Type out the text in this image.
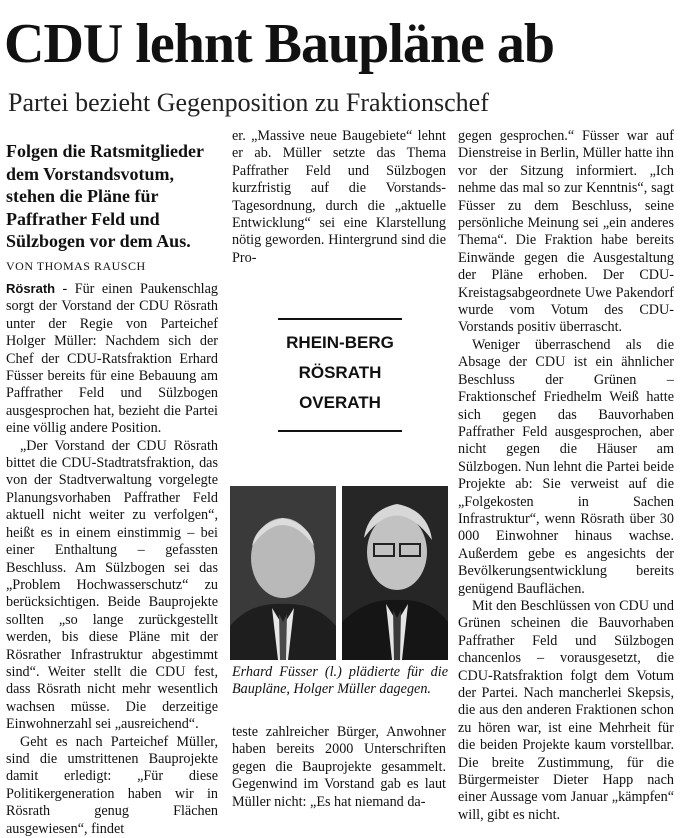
CDU lehnt Baupläne ab
Partei bezieht Gegenposition zu Fraktionschef
Folgen die Ratsmitglieder dem Vorstandsvotum, stehen die Pläne für Paffrather Feld und Sülzbogen vor dem Aus.
VON THOMAS RAUSCH

Rösrath - Für einen Paukenschlag sorgt der Vorstand der CDU Rösrath unter der Regie von Parteichef Holger Müller: Nachdem sich der Chef der CDU-Ratsfraktion Erhard Füsser bereits für eine Bebauung am Paffrather Feld und Sülzbogen ausgesprochen hat, bezieht die Partei eine völlig andere Position.

„Der Vorstand der CDU Rösrath bittet die CDU-Stadtratsfraktion, das von der Stadtverwaltung vorgelegte Planungsvorhaben Paffrather Feld aktuell nicht weiter zu verfolgen“, heißt es in einem einstimmig – bei einer Enthaltung – gefassten Beschluss. Am Sülzbogen sei das „Problem Hochwasserschutz“ zu berücksichtigen. Beide Bauprojekte sollten „so lange zurückgestellt werden, bis diese Pläne mit der Rösrather Infrastruktur abgestimmt sind“. Weiter stellt die CDU fest, dass Rösrath nicht mehr wesentlich wachsen müsse. Die derzeitige Einwohnerzahl sei „ausreichend“.

Geht es nach Parteichef Müller, sind die umstrittenen Bauprojekte damit erledigt: „Für diese Politikergeneration haben wir in Rösrath genug Flächen ausgewiesen“, findet

er. „Massive neue Baugebiete“ lehnt er ab. Müller setzte das Thema Paffrather Feld und Sülzbogen kurzfristig auf die Vorstands-Tagesordnung, durch die „aktuelle Entwicklung“ sei eine Klarstellung nötig geworden. Hintergrund sind die Pro-

RHEIN-BERG
RÖSRATH
OVERATH
Erhard Füsser (l.) plädierte für die Baupläne, Holger Müller dagegen.

teste zahlreicher Bürger, Anwohner haben bereits 2000 Unterschriften gegen die Bauprojekte gesammelt. Gegenwind im Vorstand gab es laut Müller nicht: „Es hat niemand da-

gegen gesprochen.“ Füsser war auf Dienstreise in Berlin, Müller hatte ihn vor der Sitzung informiert. „Ich nehme das mal so zur Kenntnis“, sagt Füsser zu dem Beschluss, seine persönliche Meinung sei „ein anderes Thema“. Die Fraktion habe bereits Einwände gegen die Ausgestaltung der Pläne erhoben. Der CDU-Kreistagsabgeordnete Uwe Pakendorf wurde vom Votum des CDU-Vorstands positiv überrascht.

Weniger überraschend als die Absage der CDU ist ein ähnlicher Beschluss der Grünen – Fraktionschef Friedhelm Weiß hatte sich gegen das Bauvorhaben Paffrather Feld ausgesprochen, aber nicht gegen die Häuser am Sülzbogen. Nun lehnt die Partei beide Projekte ab: Sie verweist auf die „Folgekosten in Sachen Infrastruktur“, wenn Rösrath über 30 000 Einwohner hinaus wachse. Außerdem gebe es angesichts der Bevölkerungsentwicklung bereits genügend Bauflächen.

Mit den Beschlüssen von CDU und Grünen scheinen die Bauvorhaben Paffrather Feld und Sülzbogen chancenlos – vorausgesetzt, die CDU-Ratsfraktion folgt dem Votum der Partei. Nach mancherlei Skepsis, die aus den anderen Fraktionen schon zu hören war, ist eine Mehrheit für die beiden Projekte kaum vorstellbar. Die breite Zustimmung, für die Bürgermeister Dieter Happ nach einer Aussage vom Januar „kämpfen“ will, gibt es nicht.
